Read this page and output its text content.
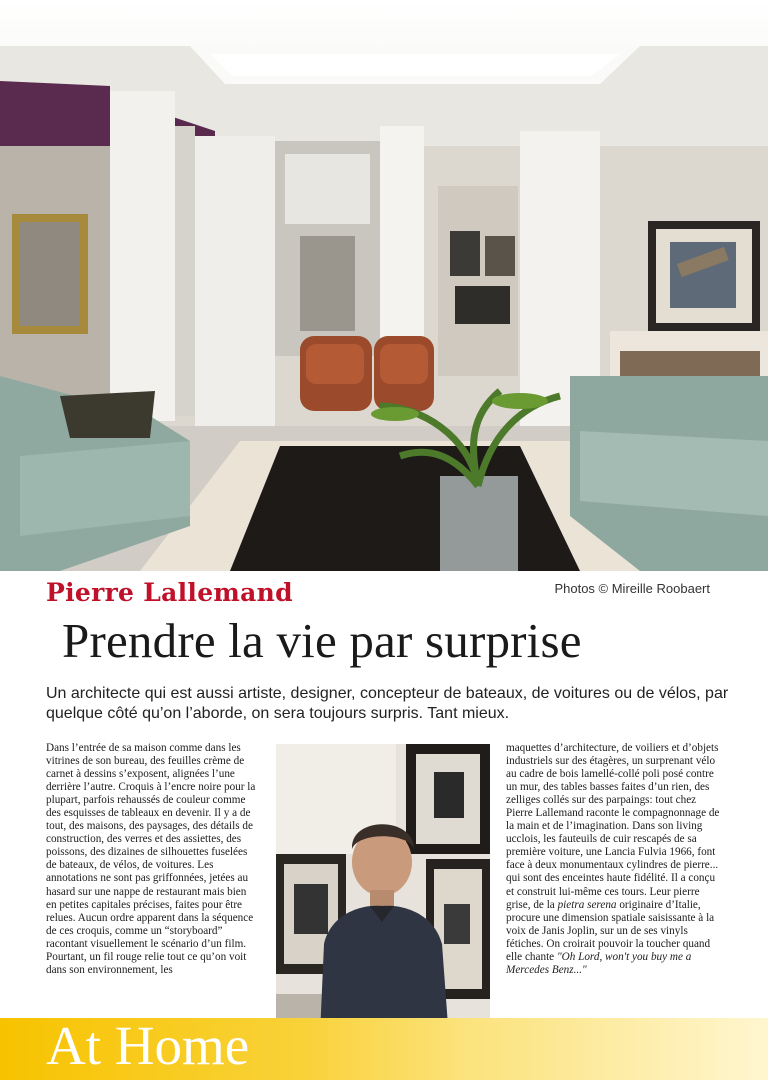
Pierre Lallemand	Photos © Mireille Roobaert
Prendre la vie par surprise
Un architecte qui est aussi artiste, designer, concepteur de bateaux, de voitures ou de vélos, par quelque côté qu’on l’aborde, on sera toujours surpris. Tant mieux.

Dans l’entrée de sa maison comme dans les vitrines de son bureau, des feuilles crème de carnet à dessins s’exposent, alignées l’une derrière l’autre. Croquis à l’encre noire pour la plupart, parfois rehaussés de couleur comme des esquisses de tableaux en devenir. Il y a de tout, des maisons, des paysages, des détails de construction, des verres et des assiettes, des poissons, des dizaines de silhouettes fuselées de bateaux, de vélos, de voitures. Les annotations ne sont pas griffonnées, jetées au hasard sur une nappe de restaurant mais bien en petites capitales précises, faites pour être relues. Aucun ordre apparent dans la séquence de ces croquis, comme un “storyboard” racontant visuellement le scénario d’un film. Pourtant, un fil rouge relie tout ce qu’on voit dans son environnement, les

maquettes d’architecture, de voiliers et d’objets industriels sur des étagères, un surprenant vélo au cadre de bois lamellé-collé poli posé contre un mur, des tables basses faites d’un rien, des zelliges collés sur des parpaings: tout chez Pierre Lallemand raconte le compagnonnage de la main et de l’imagination. Dans son living ucclois, les fauteuils de cuir rescapés de sa première voiture, une Lancia Fulvia 1966, font face à deux monumentaux cylindres de pierre... qui sont des enceintes haute fidélité. Il a conçu et construit lui-même ces tours. Leur pierre grise, de la pietra serena originaire d’Italie, procure une dimension spatiale saisissante à la voix de Janis Joplin, sur un de ses vinyls fétiches. On croirait pouvoir la toucher quand elle chante "Oh Lord, won't you buy me a Mercedes Benz..."

At Home
